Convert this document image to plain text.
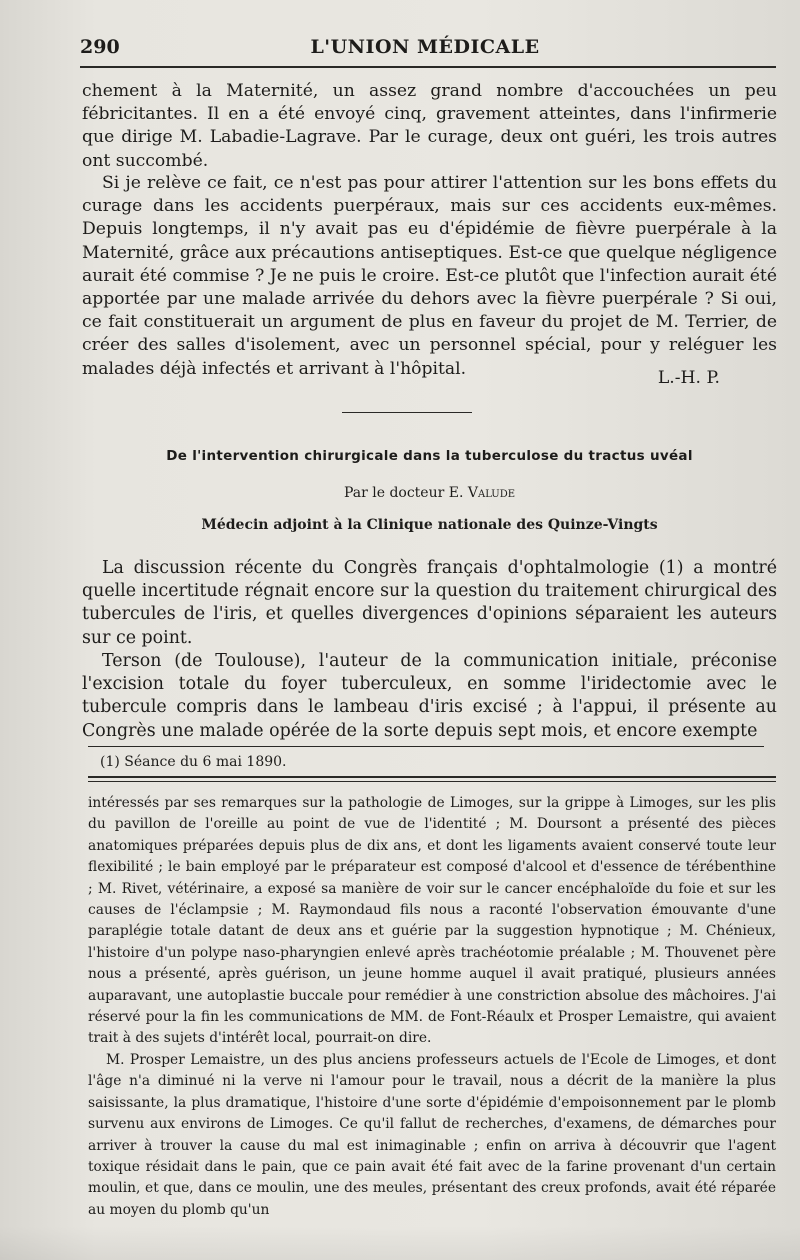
290	L'UNION MÉDICALE
chement à la Maternité, un assez grand nombre d'accouchées un peu fébricitantes. Il en a été envoyé cinq, gravement atteintes, dans l'infirmerie que dirige M. Labadie-Lagrave. Par le curage, deux ont guéri, les trois autres ont succombé.
Si je relève ce fait, ce n'est pas pour attirer l'attention sur les bons effets du curage dans les accidents puerpéraux, mais sur ces accidents eux-mêmes. Depuis longtemps, il n'y avait pas eu d'épidémie de fièvre puerpérale à la Maternité, grâce aux précautions antiseptiques. Est-ce que quelque négligence aurait été commise ? Je ne puis le croire. Est-ce plutôt que l'infection aurait été apportée par une malade arrivée du dehors avec la fièvre puerpérale ? Si oui, ce fait constituerait un argument de plus en faveur du projet de M. Terrier, de créer des salles d'isolement, avec un personnel spécial, pour y reléguer les malades déjà infectés et arrivant à l'hôpital.	L.-H. P.
De l'intervention chirurgicale dans la tuberculose du tractus uvéal
Par le docteur E. Valude
Médecin adjoint à la Clinique nationale des Quinze-Vingts
La discussion récente du Congrès français d'ophtalmologie (1) a montré quelle incertitude régnait encore sur la question du traitement chirurgical des tubercules de l'iris, et quelles divergences d'opinions séparaient les auteurs sur ce point.
Terson (de Toulouse), l'auteur de la communication initiale, préconise l'excision totale du foyer tuberculeux, en somme l'iridectomie avec le tubercule compris dans le lambeau d'iris excisé ; à l'appui, il présente au Congrès une malade opérée de la sorte depuis sept mois, et encore exempte
(1) Séance du 6 mai 1890.
intéressés par ses remarques sur la pathologie de Limoges, sur la grippe à Limoges, sur les plis du pavillon de l'oreille au point de vue de l'identité ; M. Doursont a présenté des pièces anatomiques préparées depuis plus de dix ans, et dont les ligaments avaient conservé toute leur flexibilité ; le bain employé par le préparateur est composé d'alcool et d'essence de térébenthine ; M. Rivet, vétérinaire, a exposé sa manière de voir sur le cancer encéphaloïde du foie et sur les causes de l'éclampsie ; M. Raymondaud fils nous a raconté l'observation émouvante d'une paraplégie totale datant de deux ans et guérie par la suggestion hypnotique ; M. Chénieux, l'histoire d'un polype naso-pharyngien enlevé après trachéotomie préalable ; M. Thouvenet père nous a présenté, après guérison, un jeune homme auquel il avait pratiqué, plusieurs années auparavant, une autoplastie buccale pour remédier à une constriction absolue des mâchoires. J'ai réservé pour la fin les communications de MM. de Font-Réaulx et Prosper Lemaistre, qui avaient trait à des sujets d'intérêt local, pourrait-on dire.
M. Prosper Lemaistre, un des plus anciens professeurs actuels de l'Ecole de Limoges, et dont l'âge n'a diminué ni la verve ni l'amour pour le travail, nous a décrit de la manière la plus saisissante, la plus dramatique, l'histoire d'une sorte d'épidémie d'empoisonnement par le plomb survenu aux environs de Limoges. Ce qu'il fallut de recherches, d'examens, de démarches pour arriver à trouver la cause du mal est inimaginable ; enfin on arriva à découvrir que l'agent toxique résidait dans le pain, que ce pain avait été fait avec de la farine provenant d'un certain moulin, et que, dans ce moulin, une des meules, présentant des creux profonds, avait été réparée au moyen du plomb qu'un
